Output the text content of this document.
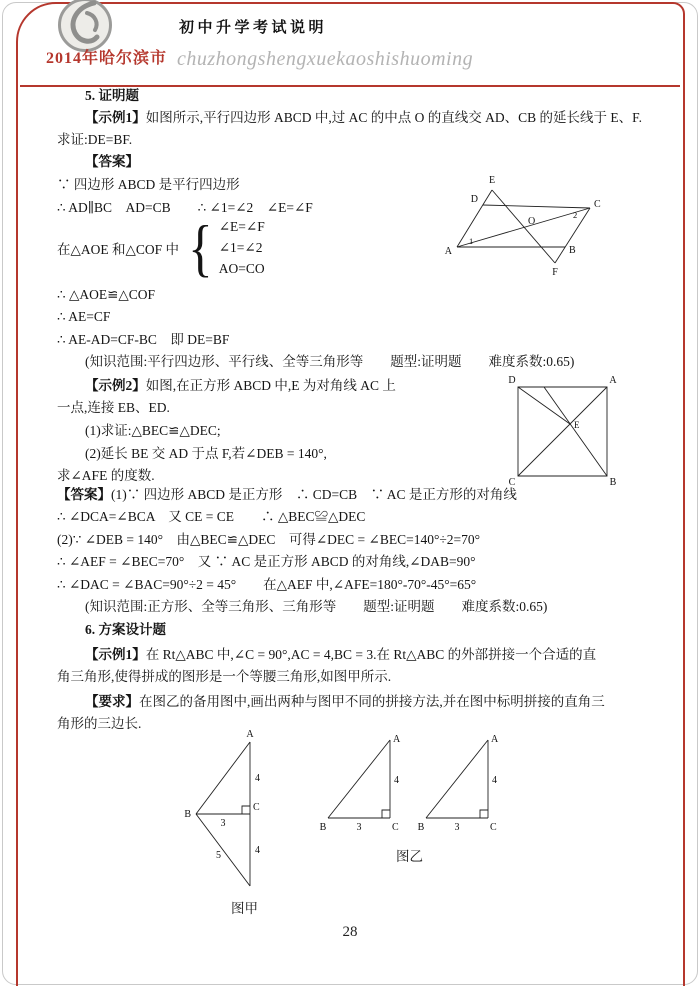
初中升学考试说明
2014年哈尔滨市 chuzhongshengxuekaoshishuoming
5. 证明题
【示例1】如图所示,平行四边形 ABCD 中,过 AC 的中点 O 的直线交 AD、CB 的延长线于 E、F.
求证:DE=BF.
【答案】
∵ 四边形 ABCD 是平行四边形
∴ AD∥BC　AD=CB　　∴ ∠1=∠2　∠E=∠F
在△AOE 和△COF 中 { ∠E=∠F
∠1=∠2
AO=CO
∴ △AOE≌△COF
∴ AE=CF
∴ AE-AD=CF-BC　即 DE=BF
(知识范围:平行四边形、平行线、全等三角形等　　题型:证明题　　难度系数:0.65)
【示例2】如图,在正方形 ABCD 中,E 为对角线 AC 上
一点,连接 EB、ED.
(1)求证:△BEC≌△DEC;
(2)延长 BE 交 AD 于点 F,若∠DEB = 140°,
求∠AFE 的度数.
【答案】(1)∵ 四边形 ABCD 是正方形　∴ CD=CB　∵ AC 是正方形的对角线
∴ ∠DCA=∠BCA　又 CE = CE　　∴ △BEC≌△DEC
(2)∵ ∠DEB = 140°　由△BEC≌△DEC　可得∠DEC = ∠BEC=140°÷2=70°
∴ ∠AEF = ∠BEC=70°　又 ∵ AC 是正方形 ABCD 的对角线,∠DAB=90°
∴ ∠DAC = ∠BAC=90°÷2 = 45°　　在△AEF 中,∠AFE=180°-70°-45°=65°
(知识范围:正方形、全等三角形、三角形等　　题型:证明题　　难度系数:0.65)
6. 方案设计题
【示例1】在 Rt△ABC 中,∠C = 90°,AC = 4,BC = 3.在 Rt△ABC 的外部拼接一个合适的直
角三角形,使得拼成的图形是一个等腰三角形,如图甲所示.
【要求】在图乙的备用图中,画出两种与图甲不同的拼接方法,并在图中标明拼接的直角三
角形的三边长.
E
D	C
A	B
F
O
1
2
D	A
C	B
E
A
B
C
4
3
5	4
图甲
A
B	C
4
3
A
B	C
4
3
图乙
28
